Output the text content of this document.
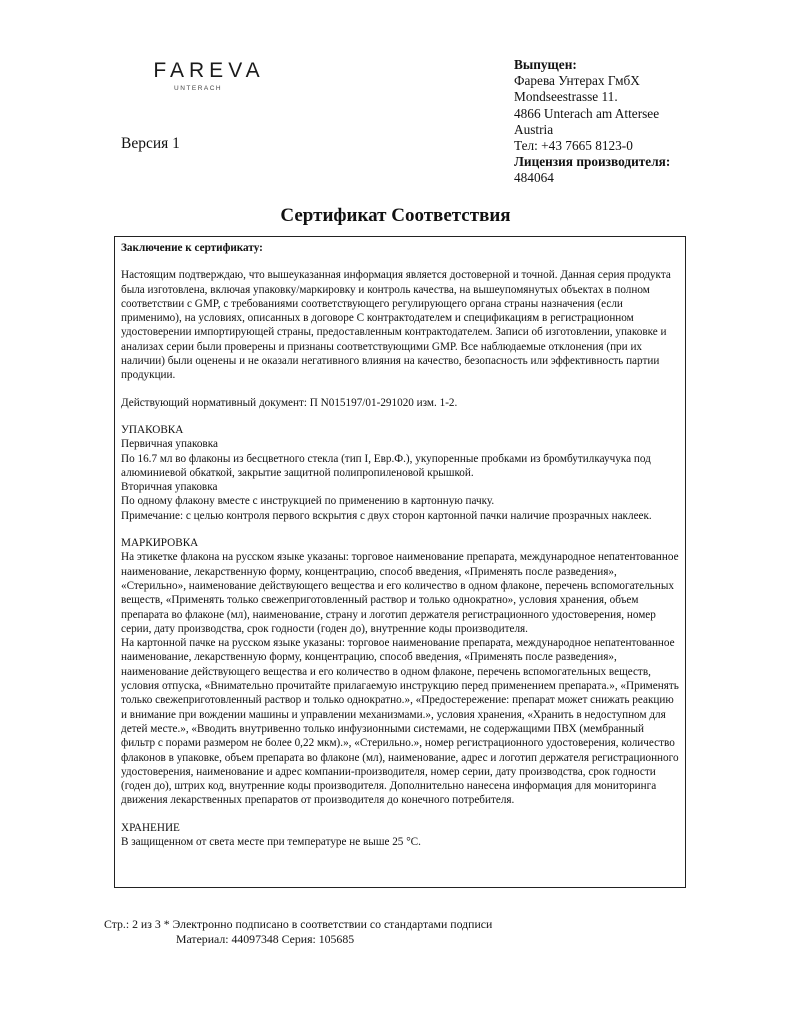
FAREVA
UNTERACH
Версия 1
Выпущен:
Фарева Унтерах ГмбХ
Mondseestrasse 11.
4866 Unterach am Attersee
Austria
Тел: +43 7665 8123-0
Лицензия производителя:
484064
Сертификат Соответствия
Заключение к сертификату:

Настоящим подтверждаю, что вышеуказанная информация является достоверной и точной. Данная серия продукта была изготовлена, включая упаковку/маркировку и контроль качества, на вышеупомянутых объектах в полном соответствии с GMP, с требованиями соответствующего регулирующего органа страны назначения (если применимо), на условиях, описанных в договоре С контрактодателем и спецификациям в регистрационном удостоверении импортирующей страны, предоставленным контрактодателем. Записи об изготовлении, упаковке и анализах серии были проверены и признаны соответствующими GMP. Все наблюдаемые отклонения (при их наличии) были оценены и не оказали негативного влияния на качество, безопасность или эффективность партии продукции.

Действующий нормативный документ: П N015197/01-291020 изм. 1-2.

УПАКОВКА
Первичная упаковка

По 16.7 мл во флаконы из бесцветного стекла (тип I, Евр.Ф.), укупоренные пробками из бромбутилкаучука под алюминиевой обкаткой, закрытие защитной полипропиленовой крышкой.

Вторичная упаковка

По одному флакону вместе с инструкцией по применению в картонную пачку.

Примечание: с целью контроля первого вскрытия с двух сторон картонной пачки наличие прозрачных наклеек.

МАРКИРОВКА

На этикетке флакона на русском языке указаны: торговое наименование препарата, международное непатентованное наименование, лекарственную форму, концентрацию, способ введения, «Применять после разведения», «Стерильно», наименование действующего вещества и его количество в одном флаконе, перечень вспомогательных веществ, «Применять только свежеприготовленный раствор и только однократно», условия хранения, объем препарата во флаконе (мл), наименование, страну и логотип держателя регистрационного удостоверения, номер серии, дату производства, срок годности (годен до), внутренние коды производителя.

На картонной пачке на русском языке указаны: торговое наименование препарата, международное непатентованное наименование, лекарственную форму, концентрацию, способ введения, «Применять после разведения», наименование действующего вещества и его количество в одном флаконе, перечень вспомогательных веществ, условия отпуска, «Внимательно прочитайте прилагаемую инструкцию перед применением препарата.», «Применять только свежеприготовленный раствор и только однократно.», «Предостережение: препарат может снижать реакцию и внимание при вождении машины и управлении механизмами.», условия хранения, «Хранить в недоступном для детей месте.», «Вводить внутривенно только инфузионными системами, не содержащими ПВХ (мембранный фильтр с порами размером не более 0,22 мкм).», «Стерильно.», номер регистрационного удостоверения, количество флаконов в упаковке, объем препарата во флаконе (мл), наименование, адрес и логотип держателя регистрационного удостоверения, наименование и адрес компании-производителя, номер серии, дату производства, срок годности (годен до), штрих код, внутренние коды производителя. Дополнительно нанесена информация для мониторинга движения лекарственных препаратов от производителя до конечного потребителя.

ХРАНЕНИЕ

В защищенном от света месте при температуре не выше 25 °С.

Стр.: 2 из 3 * Электронно подписано в соответствии со стандартами подписи
Материал: 44097348 Серия: 105685
